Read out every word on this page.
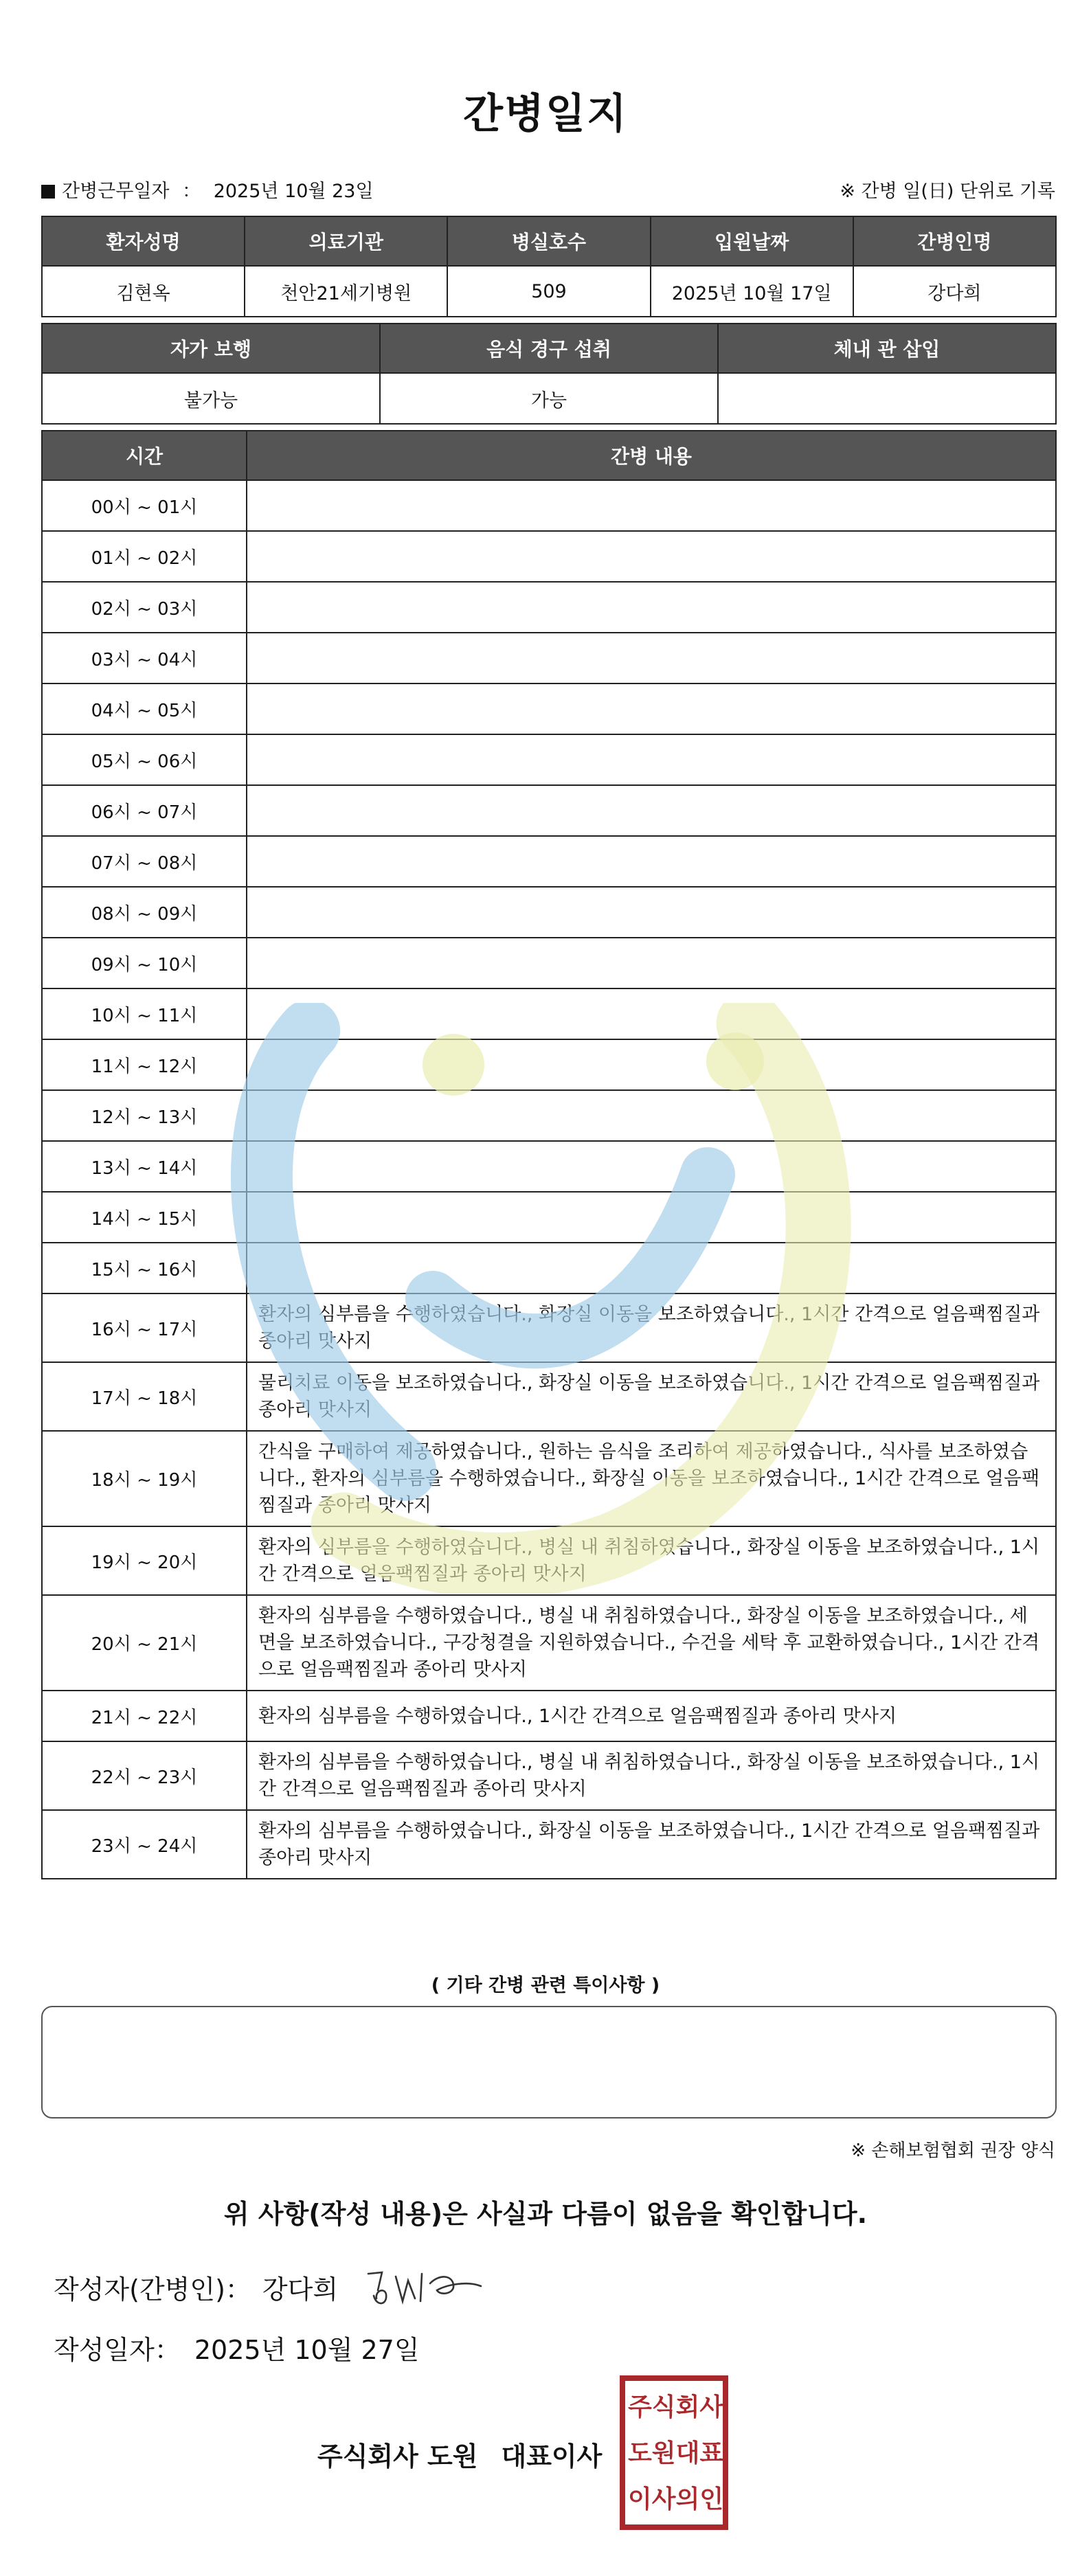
간병일지
간병근무일자 ： 2025년 10월 23일	※ 간병 일(日) 단위로 기록
환자성명	의료기관	병실호수	입원날짜	간병인명
김현옥	천안21세기병원	509	2025년 10월 17일	강다희
자가 보행	음식 경구 섭취	체내 관 삽입
불가능	가능	
시간	간병 내용
00시 ~ 01시	
01시 ~ 02시	
02시 ~ 03시	
03시 ~ 04시	
04시 ~ 05시	
05시 ~ 06시	
06시 ~ 07시	
07시 ~ 08시	
08시 ~ 09시	
09시 ~ 10시	
10시 ~ 11시	
11시 ~ 12시	
12시 ~ 13시	
13시 ~ 14시	
14시 ~ 15시	
15시 ~ 16시	
16시 ~ 17시	환자의 심부름을 수행하였습니다., 화장실 이동을 보조하였습니다., 1시간 간격으로 얼음팩찜질과 종아리 맛사지
17시 ~ 18시	물리치료 이동을 보조하였습니다., 화장실 이동을 보조하였습니다., 1시간 간격으로 얼음팩찜질과 종아리 맛사지
18시 ~ 19시	간식을 구매하여 제공하였습니다., 원하는 음식을 조리하여 제공하였습니다., 식사를 보조하였습니다., 환자의 심부름을 수행하였습니다., 화장실 이동을 보조하였습니다., 1시간 간격으로 얼음팩찜질과 종아리 맛사지
19시 ~ 20시	환자의 심부름을 수행하였습니다., 병실 내 취침하였습니다., 화장실 이동을 보조하였습니다., 1시간 간격으로 얼음팩찜질과 종아리 맛사지
20시 ~ 21시	환자의 심부름을 수행하였습니다., 병실 내 취침하였습니다., 화장실 이동을 보조하였습니다., 세면을 보조하였습니다., 구강청결을 지원하였습니다., 수건을 세탁 후 교환하였습니다., 1시간 간격으로 얼음팩찜질과 종아리 맛사지
21시 ~ 22시	환자의 심부름을 수행하였습니다., 1시간 간격으로 얼음팩찜질과 종아리 맛사지
22시 ~ 23시	환자의 심부름을 수행하였습니다., 병실 내 취침하였습니다., 화장실 이동을 보조하였습니다., 1시간 간격으로 얼음팩찜질과 종아리 맛사지
23시 ~ 24시	환자의 심부름을 수행하였습니다., 화장실 이동을 보조하였습니다., 1시간 간격으로 얼음팩찜질과 종아리 맛사지
( 기타 간병 관련 특이사항 )
※ 손해보험협회 권장 양식
위 사항(작성 내용)은 사실과 다름이 없음을 확인합니다.
작성자(간병인)： 강다희
작성일자： 2025년 10월 27일
주식회사 도원 대표이사
주 식 회 사
도 원 대 표
이 사 의 인
